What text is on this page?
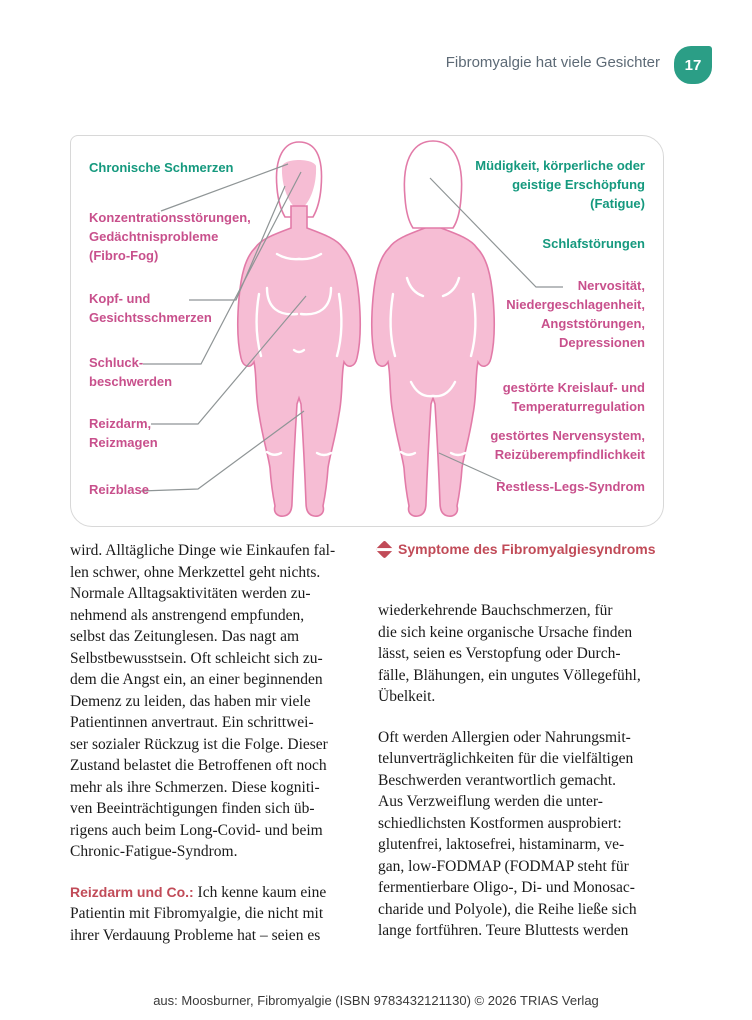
Fibromyalgie hat viele Gesichter 17
Chronische Schmerzen
Konzentrationsstörungen,
Gedächtnisprobleme
(Fibro-Fog)
Kopf- und
Gesichtsschmerzen
Schluck-
beschwerden
Reizdarm,
Reizmagen
Reizblase
Müdigkeit, körperliche oder
geistige Erschöpfung
(Fatigue)
Schlafstörungen
Nervosität,
Niedergeschlagenheit,
Angststörungen,
Depressionen
gestörte Kreislauf- und
Temperaturregulation
gestörtes Nervensystem,
Reizüberempfindlichkeit
Restless-Legs-Syndrom
Symptome des Fibromyalgiesyndroms
wird. Alltägliche Dinge wie Einkaufen fal-
len schwer, ohne Merkzettel geht nichts.
Normale Alltagsaktivitäten werden zu-
nehmend als anstrengend empfunden,
selbst das Zeitunglesen. Das nagt am
Selbstbewusstsein. Oft schleicht sich zu-
dem die Angst ein, an einer beginnenden
Demenz zu leiden, das haben mir viele
Patientinnen anvertraut. Ein schrittwei-
ser sozialer Rückzug ist die Folge. Dieser
Zustand belastet die Betroffenen oft noch
mehr als ihre Schmerzen. Diese kogniti-
ven Beeinträchtigungen finden sich üb-
rigens auch beim Long-Covid- und beim
Chronic-Fatigue-Syndrom.
Reizdarm und Co.: Ich kenne kaum eine
Patientin mit Fibromyalgie, die nicht mit
ihrer Verdauung Probleme hat – seien es
wiederkehrende Bauchschmerzen, für
die sich keine organische Ursache finden
lässt, seien es Verstopfung oder Durch-
fälle, Blähungen, ein ungutes Völlegefühl,
Übelkeit.
Oft werden Allergien oder Nahrungsmit-
telunverträglichkeiten für die vielfältigen
Beschwerden verantwortlich gemacht.
Aus Verzweiflung werden die unter-
schiedlichsten Kostformen ausprobiert:
glutenfrei, laktosefrei, histaminarm, ve-
gan, low-FODMAP (FODMAP steht für
fermentierbare Oligo-, Di- und Monosac-
charide und Polyole), die Reihe ließe sich
lange fortführen. Teure Bluttests werden
aus: Moosburner, Fibromyalgie (ISBN 9783432121130) © 2026 TRIAS Verlag
